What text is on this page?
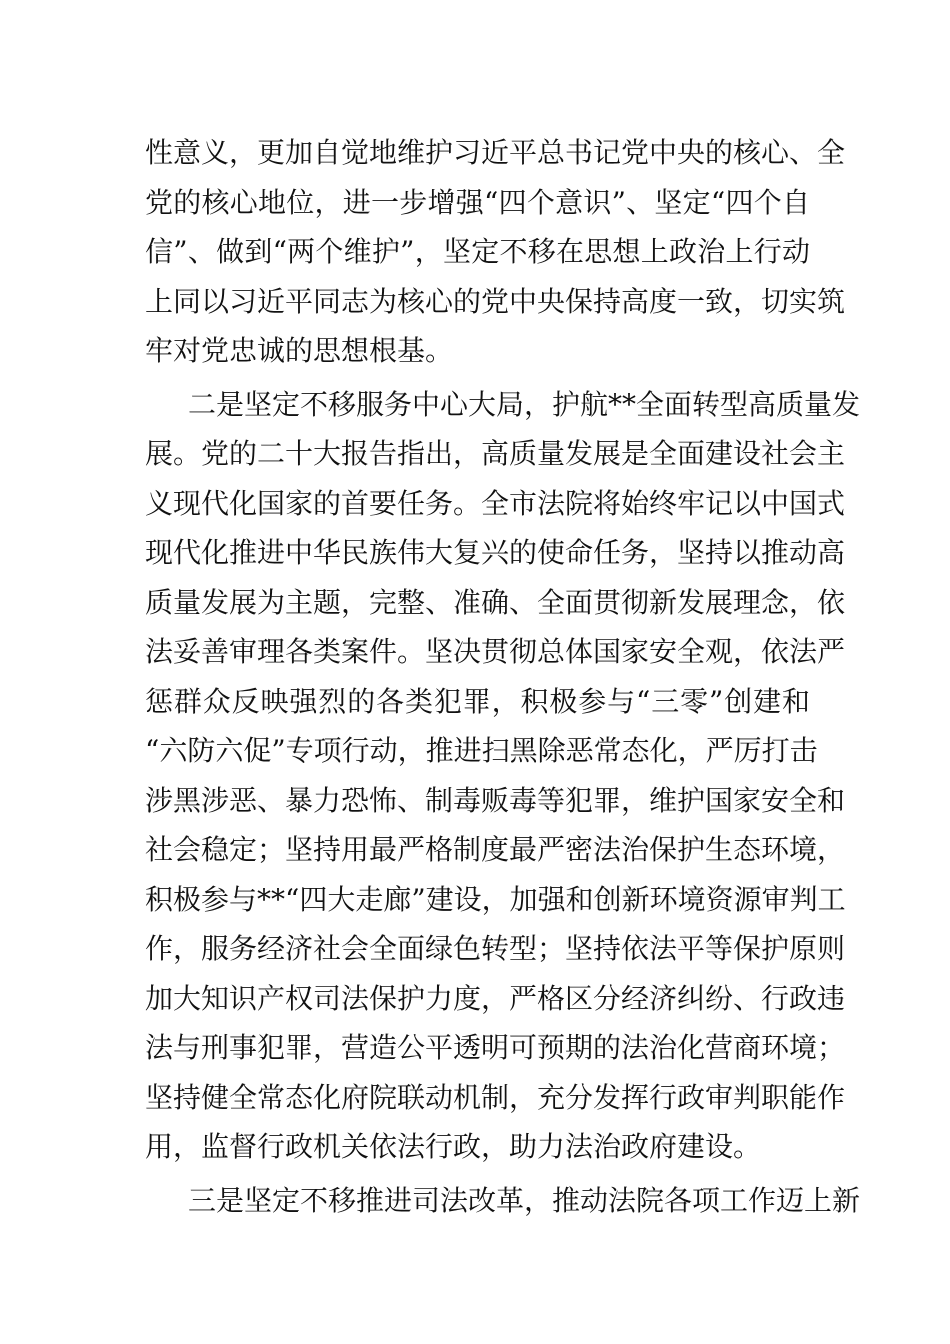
性意义，更加自觉地维护习近平总书记党中央的核心、全
党的核心地位，进一步增强“四个意识”、坚定“四个自
信”、做到“两个维护”，坚定不移在思想上政治上行动
上同以习近平同志为核心的党中央保持高度一致，切实筑
牢对党忠诚的思想根基。
二是坚定不移服务中心大局，护航**全面转型高质量发
展。党的二十大报告指出，高质量发展是全面建设社会主
义现代化国家的首要任务。全市法院将始终牢记以中国式
现代化推进中华民族伟大复兴的使命任务，坚持以推动高
质量发展为主题，完整、准确、全面贯彻新发展理念，依
法妥善审理各类案件。坚决贯彻总体国家安全观，依法严
惩群众反映强烈的各类犯罪，积极参与“三零”创建和
“六防六促”专项行动，推进扫黑除恶常态化，严厉打击
涉黑涉恶、暴力恐怖、制毒贩毒等犯罪，维护国家安全和
社会稳定；坚持用最严格制度最严密法治保护生态环境，
积极参与**“四大走廊”建设，加强和创新环境资源审判工
作，服务经济社会全面绿色转型；坚持依法平等保护原则
加大知识产权司法保护力度，严格区分经济纠纷、行政违
法与刑事犯罪，营造公平透明可预期的法治化营商环境；
坚持健全常态化府院联动机制，充分发挥行政审判职能作
用，监督行政机关依法行政，助力法治政府建设。
三是坚定不移推进司法改革，推动法院各项工作迈上新
